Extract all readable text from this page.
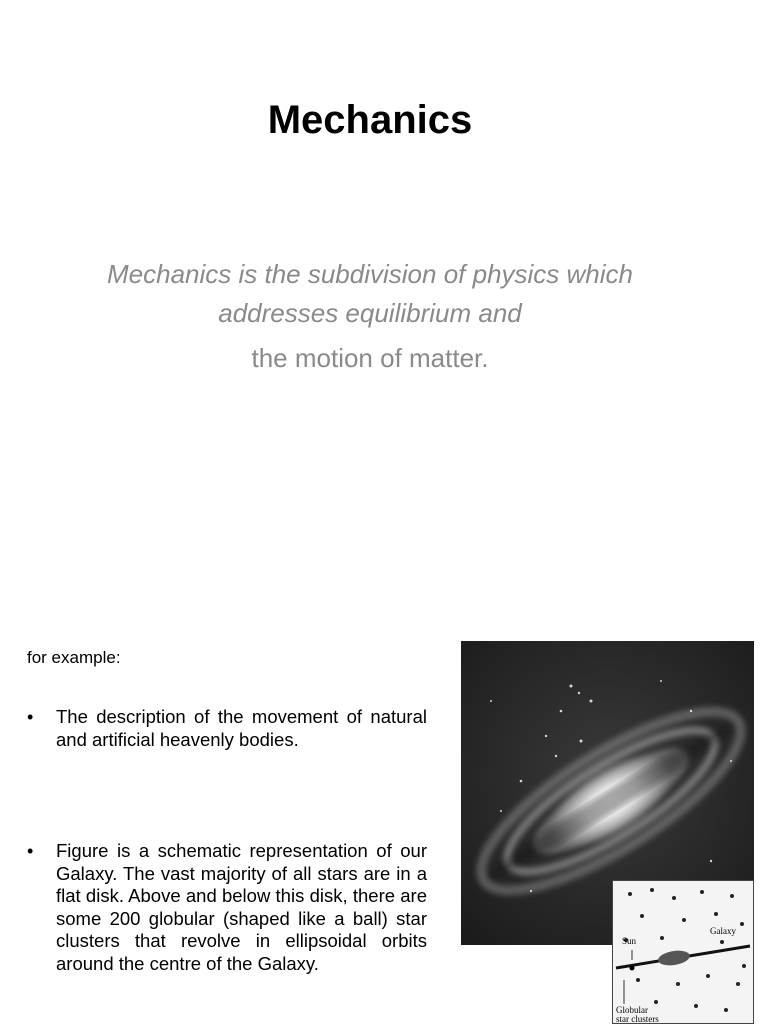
Mechanics
Mechanics is the subdivision of physics which addresses equilibrium and
the motion of matter.
for example:
• The description of the movement of natural and artificial heavenly bodies.
• Figure is a schematic representation of our Galaxy. The vast majority of all stars are in a flat disk. Above and below this disk, there are some 200 globular (shaped like a ball) star clusters that revolve in ellipsoidal orbits around the centre of the Galaxy.
Sun
Galaxy
Globular
star clusters
